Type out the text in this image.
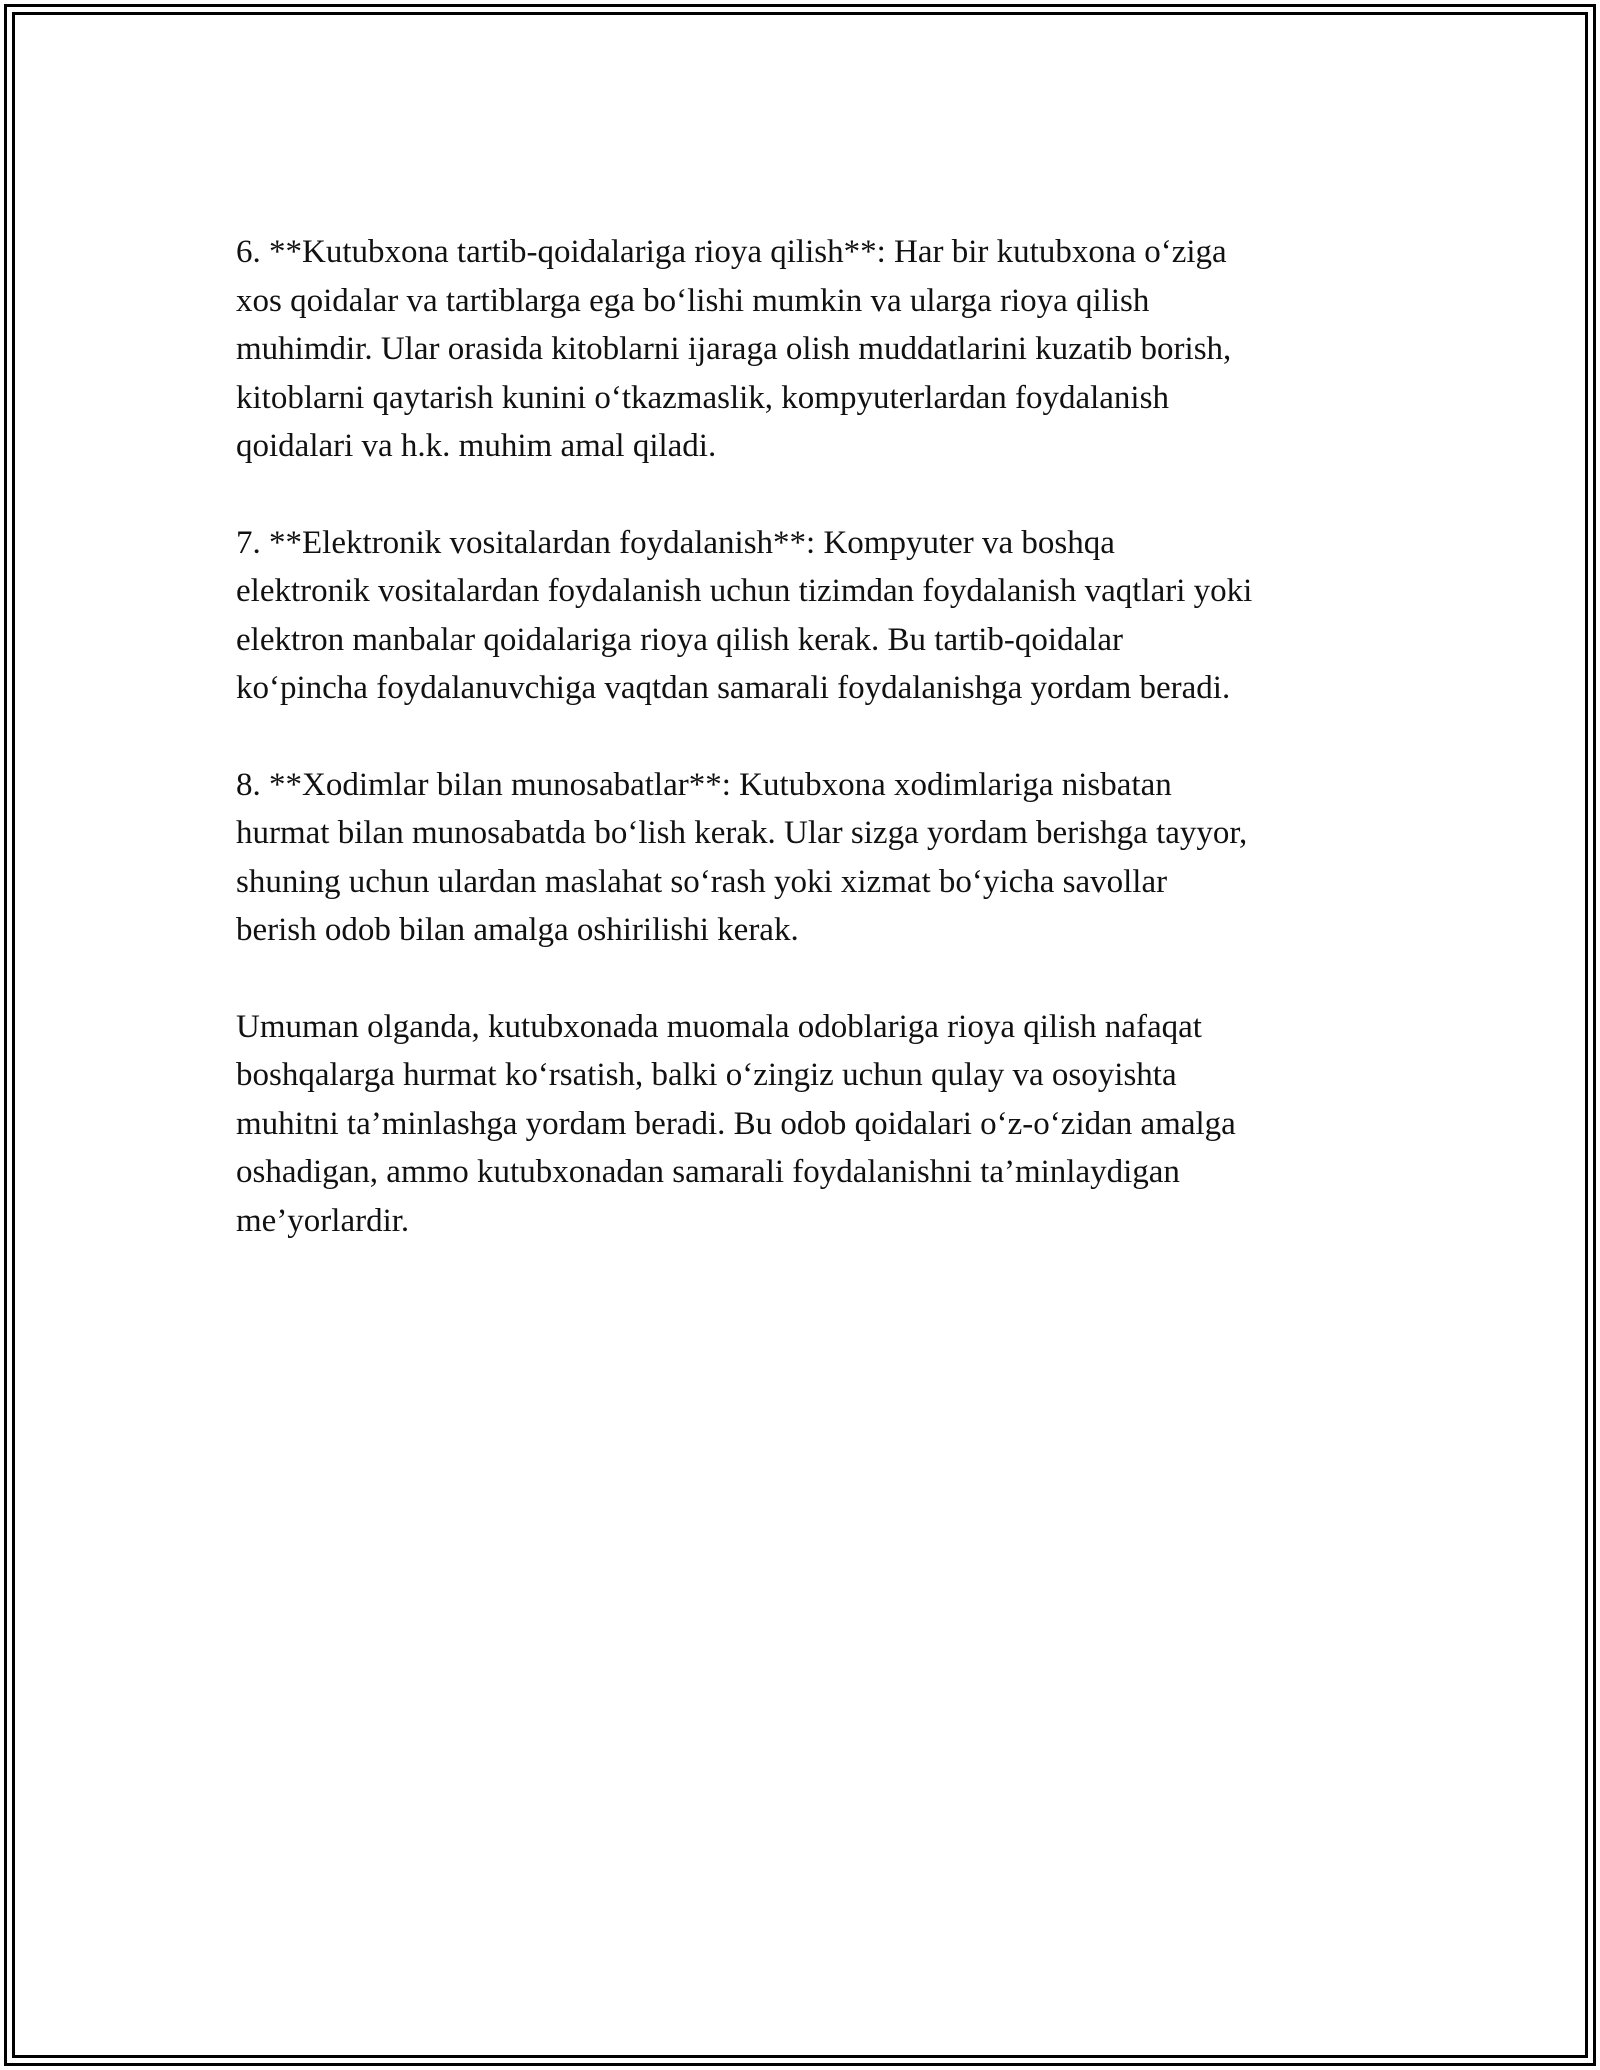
6. **Kutubxona tartib-qoidalariga rioya qilish**: Har bir kutubxona o‘ziga
xos qoidalar va tartiblarga ega bo‘lishi mumkin va ularga rioya qilish
muhimdir. Ular orasida kitoblarni ijaraga olish muddatlarini kuzatib borish,
kitoblarni qaytarish kunini o‘tkazmaslik, kompyuterlardan foydalanish
qoidalari va h.k. muhim amal qiladi.

7. **Elektronik vositalardan foydalanish**: Kompyuter va boshqa
elektronik vositalardan foydalanish uchun tizimdan foydalanish vaqtlari yoki
elektron manbalar qoidalariga rioya qilish kerak. Bu tartib-qoidalar
ko‘pincha foydalanuvchiga vaqtdan samarali foydalanishga yordam beradi.

8. **Xodimlar bilan munosabatlar**: Kutubxona xodimlariga nisbatan
hurmat bilan munosabatda bo‘lish kerak. Ular sizga yordam berishga tayyor,
shuning uchun ulardan maslahat so‘rash yoki xizmat bo‘yicha savollar
berish odob bilan amalga oshirilishi kerak.

Umuman olganda, kutubxonada muomala odoblariga rioya qilish nafaqat
boshqalarga hurmat ko‘rsatish, balki o‘zingiz uchun qulay va osoyishta
muhitni ta’minlashga yordam beradi. Bu odob qoidalari o‘z-o‘zidan amalga
oshadigan, ammo kutubxonadan samarali foydalanishni ta’minlaydigan
me’yorlardir.
